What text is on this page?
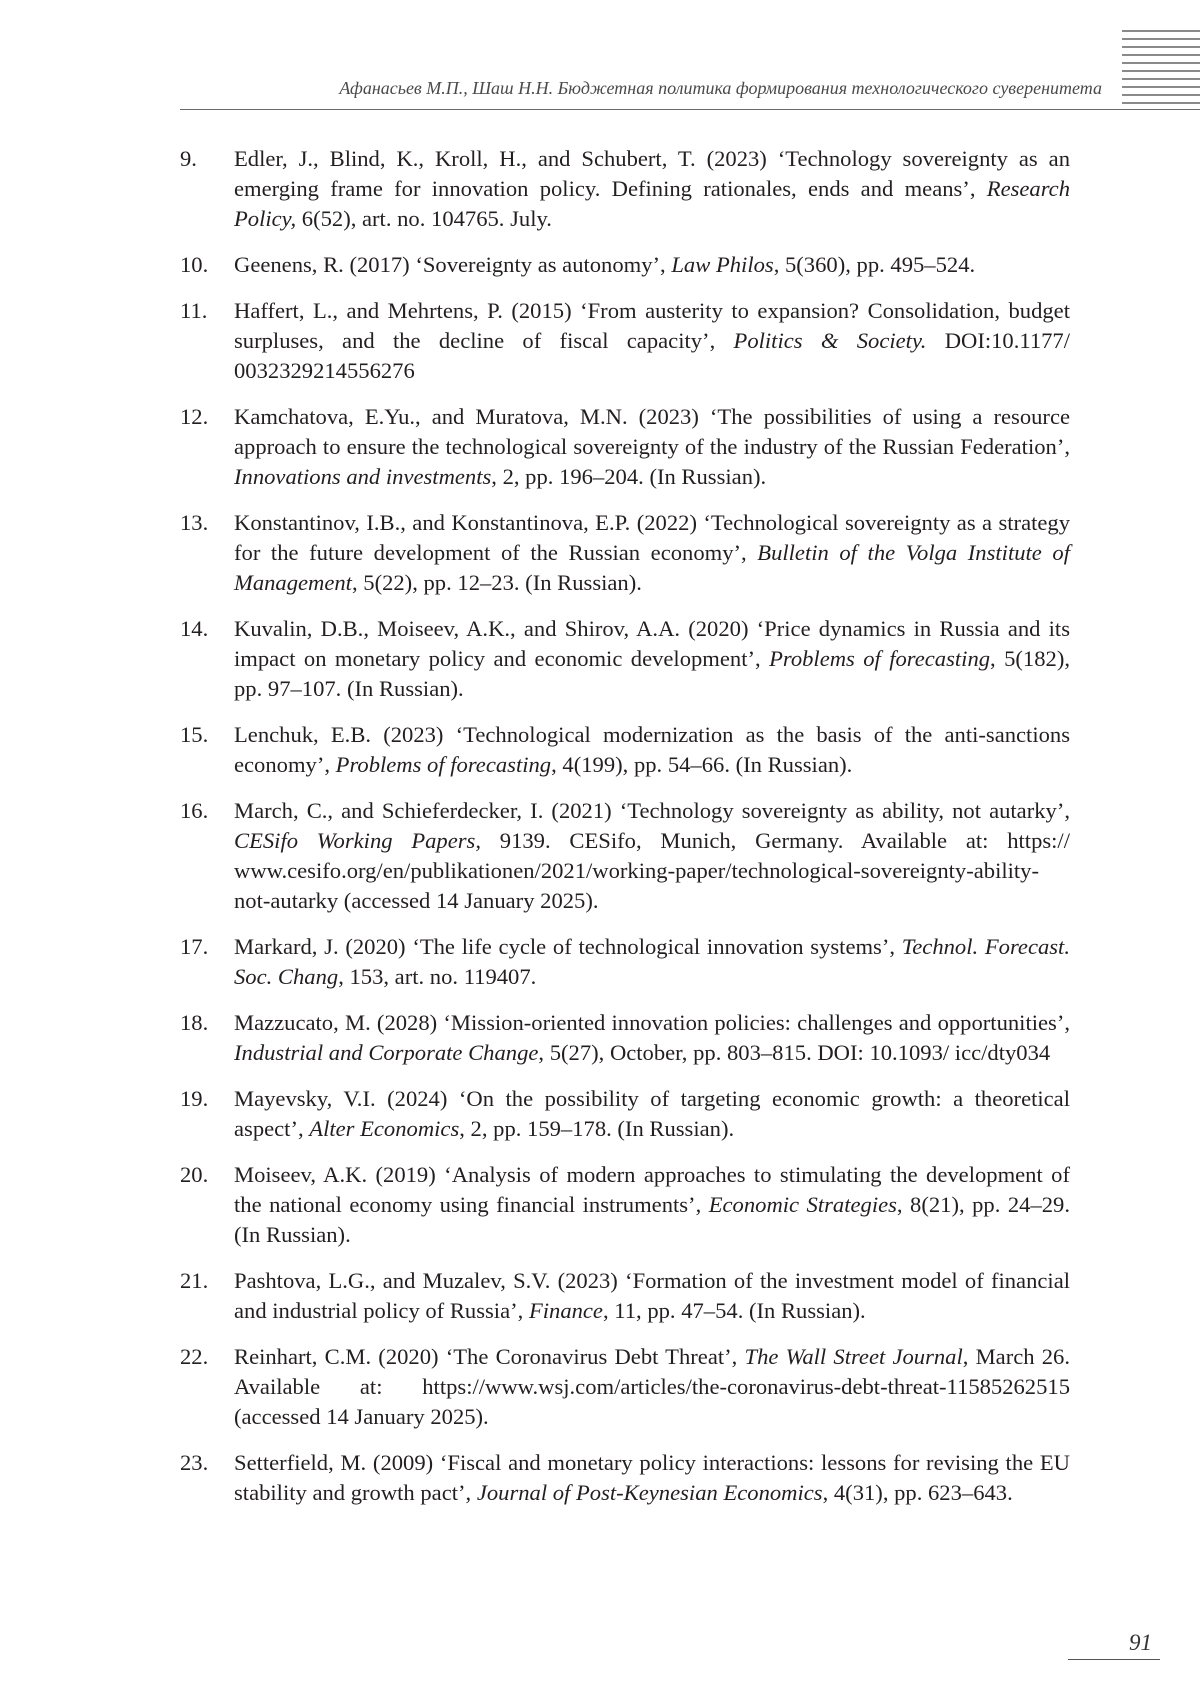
Афанасьев М.П., Шаш Н.Н. Бюджетная политика формирования технологического суверенитета
9.	Edler, J., Blind, K., Kroll, H., and Schubert, T. (2023) ‘Technology sovereignty as an emerging frame for innovation policy. Defining rationales, ends and means’, Research Policy, 6(52), art. no. 104765. July.
10.	Geenens, R. (2017) ‘Sovereignty as autonomy’, Law Philos, 5(360), pp. 495–524.
11.	Haffert, L., and Mehrtens, P. (2015) ‘From austerity to expansion? Consolidation, budget surpluses, and the decline of fiscal capacity’, Politics & Society. DOI:10.1177/ 0032329214556276
12.	Kamchatova, E.Yu., and Muratova, M.N. (2023) ‘The possibilities of using a resource approach to ensure the technological sovereignty of the industry of the Russian Federation’, Innovations and investments, 2, pp. 196–204. (In Russian).
13.	Konstantinov, I.B., and Konstantinova, E.P. (2022) ‘Technological sovereignty as a strategy for the future development of the Russian economy’, Bulletin of the Volga Institute of Management, 5(22), pp. 12–23. (In Russian).
14.	Kuvalin, D.B., Moiseev, A.K., and Shirov, A.A. (2020) ‘Price dynamics in Russia and its impact on monetary policy and economic development’, Problems of forecasting, 5(182), pp. 97–107. (In Russian).
15.	Lenchuk, E.B. (2023) ‘Technological modernization as the basis of the anti-sanctions economy’, Problems of forecasting, 4(199), pp. 54–66. (In Russian).
16.	March, C., and Schieferdecker, I. (2021) ‘Technology sovereignty as ability, not autarky’, CESifo Working Papers, 9139. CESifo, Munich, Germany. Available at: https:// www.cesifo.org/en/publikationen/2021/working-paper/technological-sovereignty-ability-not-autarky (accessed 14 January 2025).
17.	Markard, J. (2020) ‘The life cycle of technological innovation systems’, Technol. Forecast. Soc. Chang, 153, art. no. 119407.
18.	Mazzucato, M. (2028) ‘Mission-oriented innovation policies: challenges and opportunities’, Industrial and Corporate Change, 5(27), October, pp. 803–815. DOI: 10.1093/ icc/dty034
19.	Mayevsky, V.I. (2024) ‘On the possibility of targeting economic growth: a theoretical aspect’, Alter Economics, 2, pp. 159–178. (In Russian).
20.	Moiseev, A.K. (2019) ‘Analysis of modern approaches to stimulating the development of the national economy using financial instruments’, Economic Strategies, 8(21), pp. 24–29. (In Russian).
21.	Pashtova, L.G., and Muzalev, S.V. (2023) ‘Formation of the investment model of financial and industrial policy of Russia’, Finance, 11, pp. 47–54. (In Russian).
22.	Reinhart, C.M. (2020) ‘The Coronavirus Debt Threat’, The Wall Street Journal, March 26. Available at: https://www.wsj.com/articles/the-coronavirus-debt-threat-11585262515 (accessed 14 January 2025).
23.	Setterfield, M. (2009) ‘Fiscal and monetary policy interactions: lessons for revising the EU stability and growth pact’, Journal of Post-Keynesian Economics, 4(31), pp. 623–643.
91
